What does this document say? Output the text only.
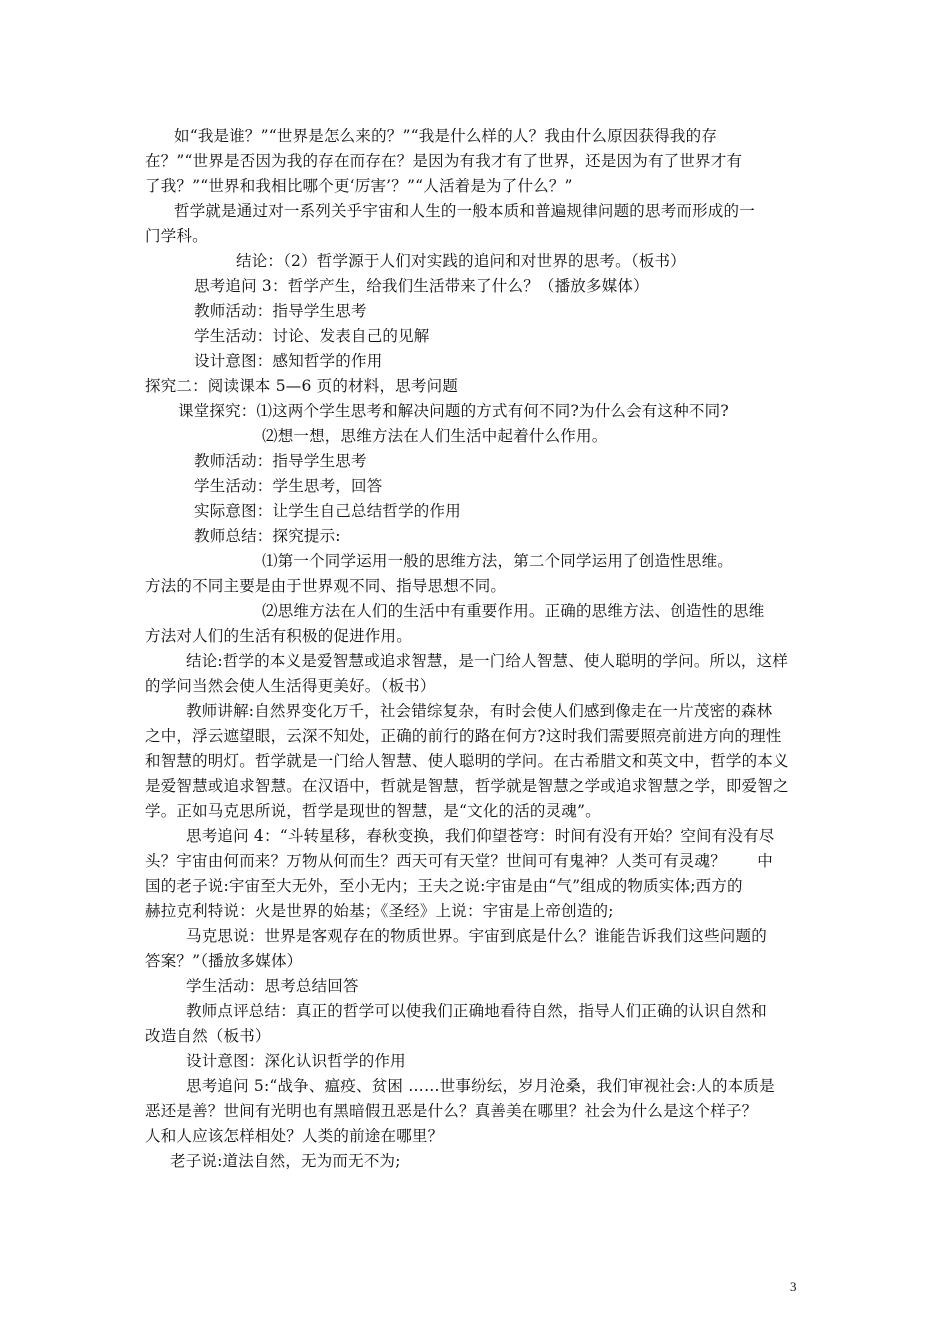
如“我是谁？”“世界是怎么来的？”“我是什么样的人？我由什么原因获得我的存
在？”“世界是否因为我的存在而存在？是因为有我才有了世界，还是因为有了世界才有
了我？”“世界和我相比哪个更‘厉害’？”“人活着是为了什么？”
哲学就是通过对一系列关乎宇宙和人生的一般本质和普遍规律问题的思考而形成的一
门学科。
结论：（2）哲学源于人们对实践的追问和对世界的思考。（板书）
思考追问 3：哲学产生，给我们生活带来了什么？（播放多媒体）
教师活动：指导学生思考
学生活动：讨论、发表自己的见解
设计意图：感知哲学的作用
探究二：阅读课本 5—6 页的材料，思考问题
课堂探究：⑴这两个学生思考和解决问题的方式有何不同?为什么会有这种不同?
⑵想一想，思维方法在人们生活中起着什么作用。
教师活动：指导学生思考
学生活动：学生思考，回答
实际意图：让学生自己总结哲学的作用
教师总结：探究提示:
⑴第一个同学运用一般的思维方法，第二个同学运用了创造性思维。
方法的不同主要是由于世界观不同、指导思想不同。
⑵思维方法在人们的生活中有重要作用。正确的思维方法、创造性的思维
方法对人们的生活有积极的促进作用。
结论:哲学的本义是爱智慧或追求智慧，是一门给人智慧、使人聪明的学问。所以，这样
的学问当然会使人生活得更美好。（板书）
教师讲解:自然界变化万千，社会错综复杂，有时会使人们感到像走在一片茂密的森林
之中，浮云遮望眼，云深不知处，正确的前行的路在何方?这时我们需要照亮前进方向的理性
和智慧的明灯。哲学就是一门给人智慧、使人聪明的学问。在古希腊文和英文中，哲学的本义
是爱智慧或追求智慧。在汉语中，哲就是智慧，哲学就是智慧之学或追求智慧之学，即爱智之
学。正如马克思所说，哲学是现世的智慧，是“文化的活的灵魂”。
思考追问 4：“斗转星移，春秋变换，我们仰望苍穹：时间有没有开始？空间有没有尽
头？宇宙由何而来？万物从何而生？西天可有天堂？世间可有鬼神？人类可有灵魂？　　中
国的老子说:宇宙至大无外，至小无内；王夫之说:宇宙是由“气”组成的物质实体;西方的
赫拉克利特说：火是世界的始基；《圣经》上说：宇宙是上帝创造的;
马克思说：世界是客观存在的物质世界。宇宙到底是什么？谁能告诉我们这些问题的
答案？”（播放多媒体）
学生活动：思考总结回答
教师点评总结：真正的哲学可以使我们正确地看待自然，指导人们正确的认识自然和
改造自然（板书）
设计意图：深化认识哲学的作用
思考追问 5:“战争、瘟疫、贫困 ……世事纷纭，岁月沧桑，我们审视社会:人的本质是
恶还是善？世间有光明也有黑暗假丑恶是什么？真善美在哪里？社会为什么是这个样子？
人和人应该怎样相处？人类的前途在哪里？
老子说:道法自然，无为而无不为;
3
